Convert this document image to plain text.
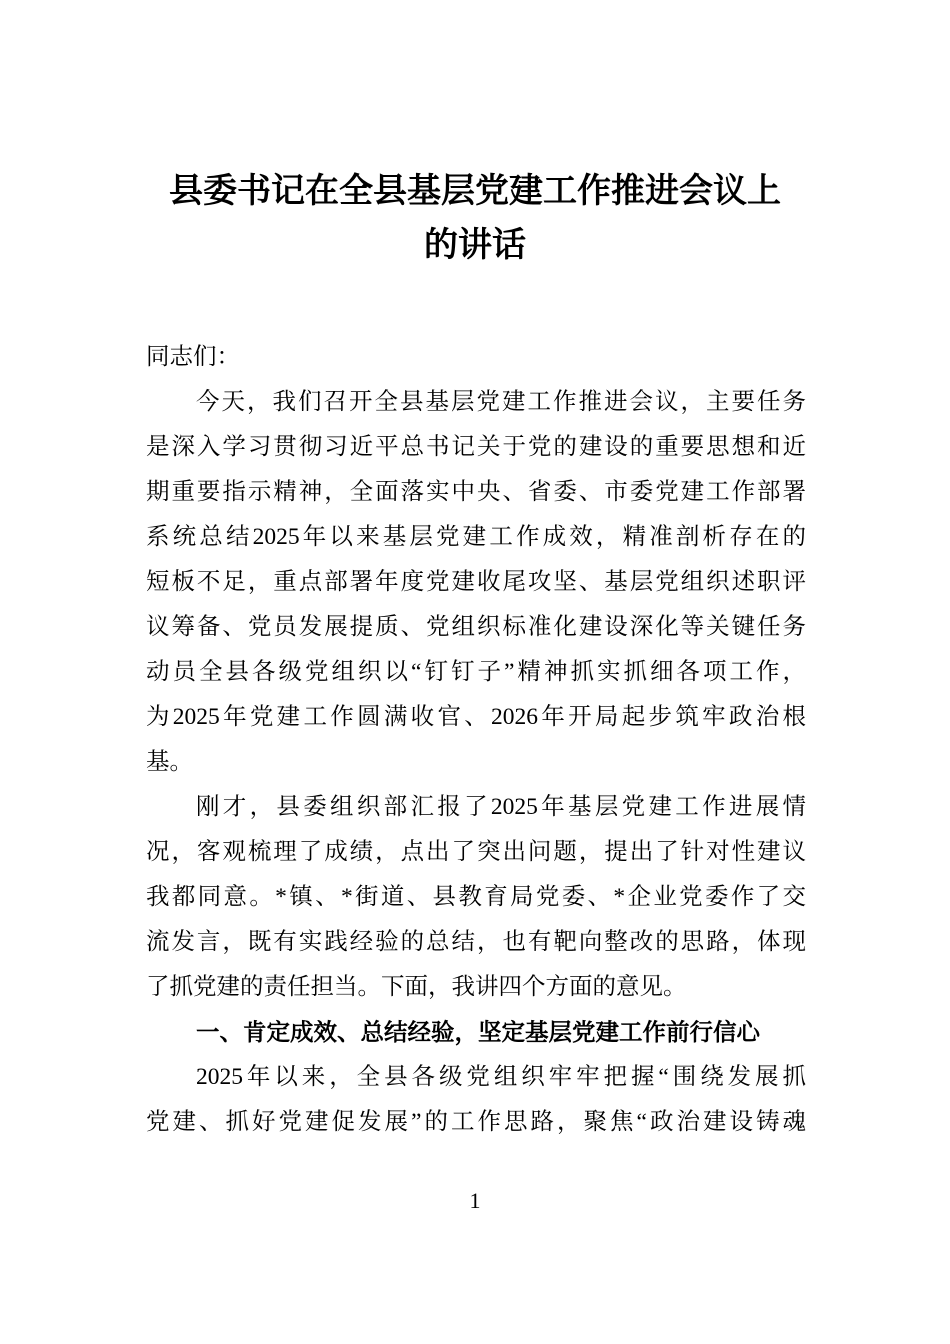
县委书记在全县基层党建工作推进会议上
的讲话
同志们：
今天，我们召开全县基层党建工作推进会议，主要任务
是深入学习贯彻习近平总书记关于党的建设的重要思想和近
期重要指示精神，全面落实中央、省委、市委党建工作部署
系统总结2025年以来基层党建工作成效，精准剖析存在的
短板不足，重点部署年度党建收尾攻坚、基层党组织述职评
议筹备、党员发展提质、党组织标准化建设深化等关键任务
动员全县各级党组织以“钉钉子”精神抓实抓细各项工作，
为2025年党建工作圆满收官、2026年开局起步筑牢政治根
基。
刚才，县委组织部汇报了2025年基层党建工作进展情
况，客观梳理了成绩，点出了突出问题，提出了针对性建议
我都同意。*镇、*街道、县教育局党委、*企业党委作了交
流发言，既有实践经验的总结，也有靶向整改的思路，体现
了抓党建的责任担当。下面，我讲四个方面的意见。
一、肯定成效、总结经验，坚定基层党建工作前行信心
2025年以来，全县各级党组织牢牢把握“围绕发展抓
党建、抓好党建促发展”的工作思路，聚焦“政治建设铸魂
1
